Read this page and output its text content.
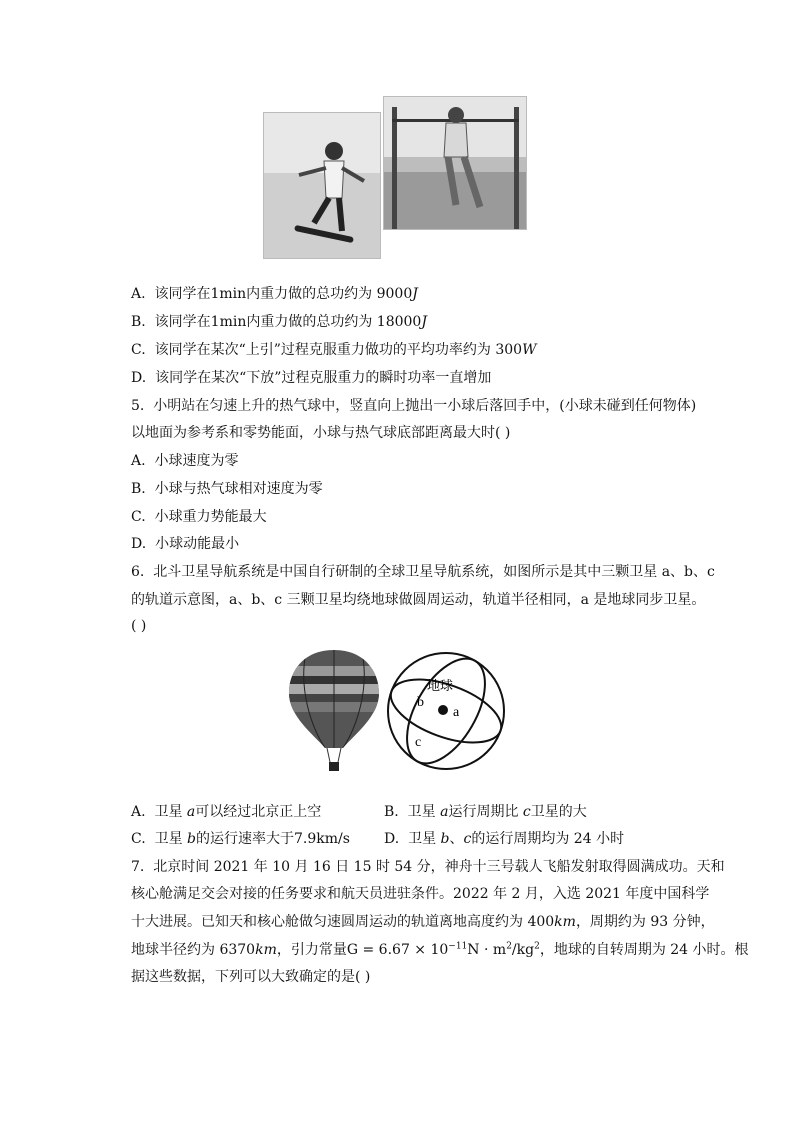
A. 该同学在1min内重力做的总功约为 9000J
B. 该同学在1min内重力做的总功约为 18000J
C. 该同学在某次“上引”过程克服重力做功的平均功率约为 300W
D. 该同学在某次“下放”过程克服重力的瞬时功率一直增加
5. 小明站在匀速上升的热气球中，竖直向上抛出一小球后落回手中，(小球未碰到任何物体)
以地面为参考系和零势能面，小球与热气球底部距离最大时( )
A. 小球速度为零
B. 小球与热气球相对速度为零
C. 小球重力势能最大
D. 小球动能最小
6. 北斗卫星导航系统是中国自行研制的全球卫星导航系统，如图所示是其中三颗卫星 a、b、c
的轨道示意图，a、b、c 三颗卫星均绕地球做圆周运动，轨道半径相同，a 是地球同步卫星。
( )
地球
b
a
c
A. 卫星 a可以经过北京正上空	B. 卫星 a运行周期比 c卫星的大
C. 卫星 b的运行速率大于7.9km/s D. 卫星 b、c的运行周期均为 24 小时
7. 北京时间 2021 年 10 月 16 日 15 时 54 分，神舟十三号载人飞船发射取得圆满成功。天和
核心舱满足交会对接的任务要求和航天员进驻条件。2022 年 2 月，入选 2021 年度中国科学
十大进展。已知天和核心舱做匀速圆周运动的轨道离地高度约为 400km，周期约为 93 分钟，
地球半径约为 6370km，引力常量$G = 6.67 \times 10^{-11}N \cdot m^2/kg^2$，地球的自转周期为 24 小时。根
据这些数据，下列可以大致确定的是( )
